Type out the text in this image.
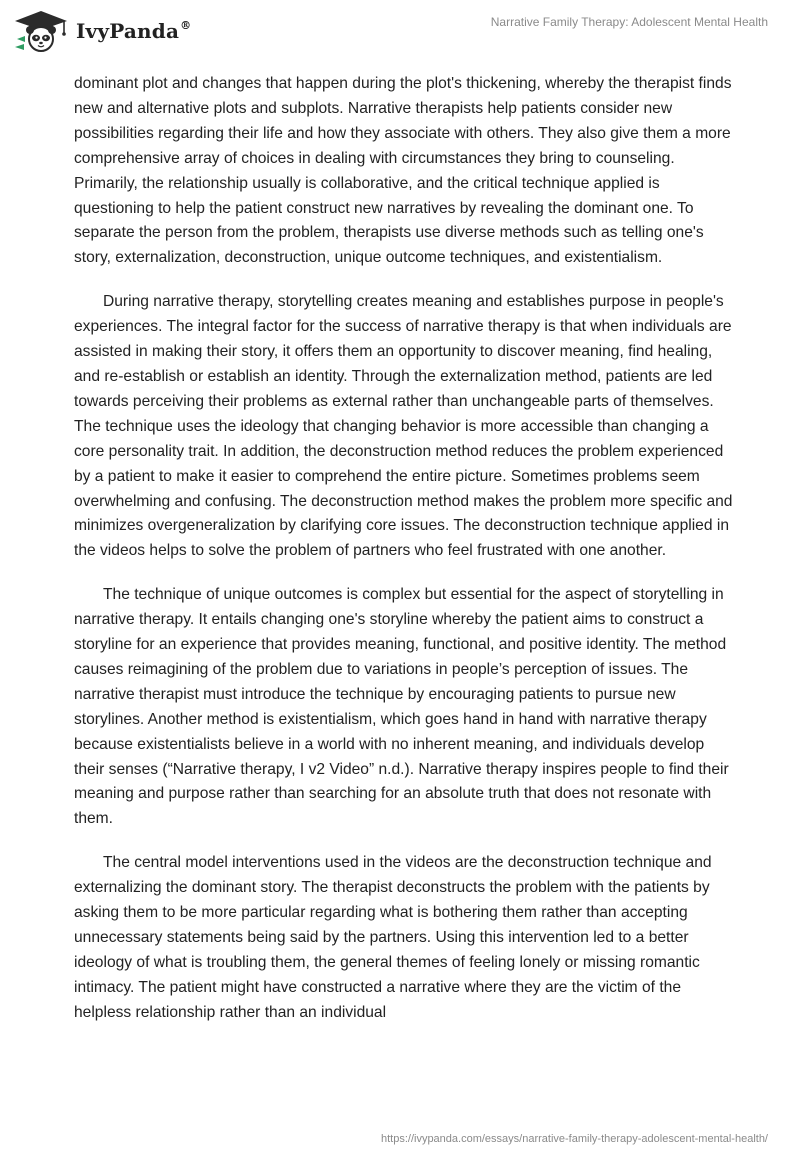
IvyPanda®	Narrative Family Therapy: Adolescent Mental Health

dominant plot and changes that happen during the plot's thickening, whereby the therapist finds new and alternative plots and subplots. Narrative therapists help patients consider new possibilities regarding their life and how they associate with others. They also give them a more comprehensive array of choices in dealing with circumstances they bring to counseling. Primarily, the relationship usually is collaborative, and the critical technique applied is questioning to help the patient construct new narratives by revealing the dominant one. To separate the person from the problem, therapists use diverse methods such as telling one's story, externalization, deconstruction, unique outcome techniques, and existentialism.

During narrative therapy, storytelling creates meaning and establishes purpose in people's experiences. The integral factor for the success of narrative therapy is that when individuals are assisted in making their story, it offers them an opportunity to discover meaning, find healing, and re-establish or establish an identity. Through the externalization method, patients are led towards perceiving their problems as external rather than unchangeable parts of themselves. The technique uses the ideology that changing behavior is more accessible than changing a core personality trait. In addition, the deconstruction method reduces the problem experienced by a patient to make it easier to comprehend the entire picture. Sometimes problems seem overwhelming and confusing. The deconstruction method makes the problem more specific and minimizes overgeneralization by clarifying core issues. The deconstruction technique applied in the videos helps to solve the problem of partners who feel frustrated with one another.

The technique of unique outcomes is complex but essential for the aspect of storytelling in narrative therapy. It entails changing one's storyline whereby the patient aims to construct a storyline for an experience that provides meaning, functional, and positive identity. The method causes reimagining of the problem due to variations in people’s perception of issues. The narrative therapist must introduce the technique by encouraging patients to pursue new storylines. Another method is existentialism, which goes hand in hand with narrative therapy because existentialists believe in a world with no inherent meaning, and individuals develop their senses (“Narrative therapy, I v2 Video” n.d.). Narrative therapy inspires people to find their meaning and purpose rather than searching for an absolute truth that does not resonate with them.

The central model interventions used in the videos are the deconstruction technique and externalizing the dominant story. The therapist deconstructs the problem with the patients by asking them to be more particular regarding what is bothering them rather than accepting unnecessary statements being said by the partners. Using this intervention led to a better ideology of what is troubling them, the general themes of feeling lonely or missing romantic intimacy. The patient might have constructed a narrative where they are the victim of the helpless relationship rather than an individual

https://ivypanda.com/essays/narrative-family-therapy-adolescent-mental-health/
